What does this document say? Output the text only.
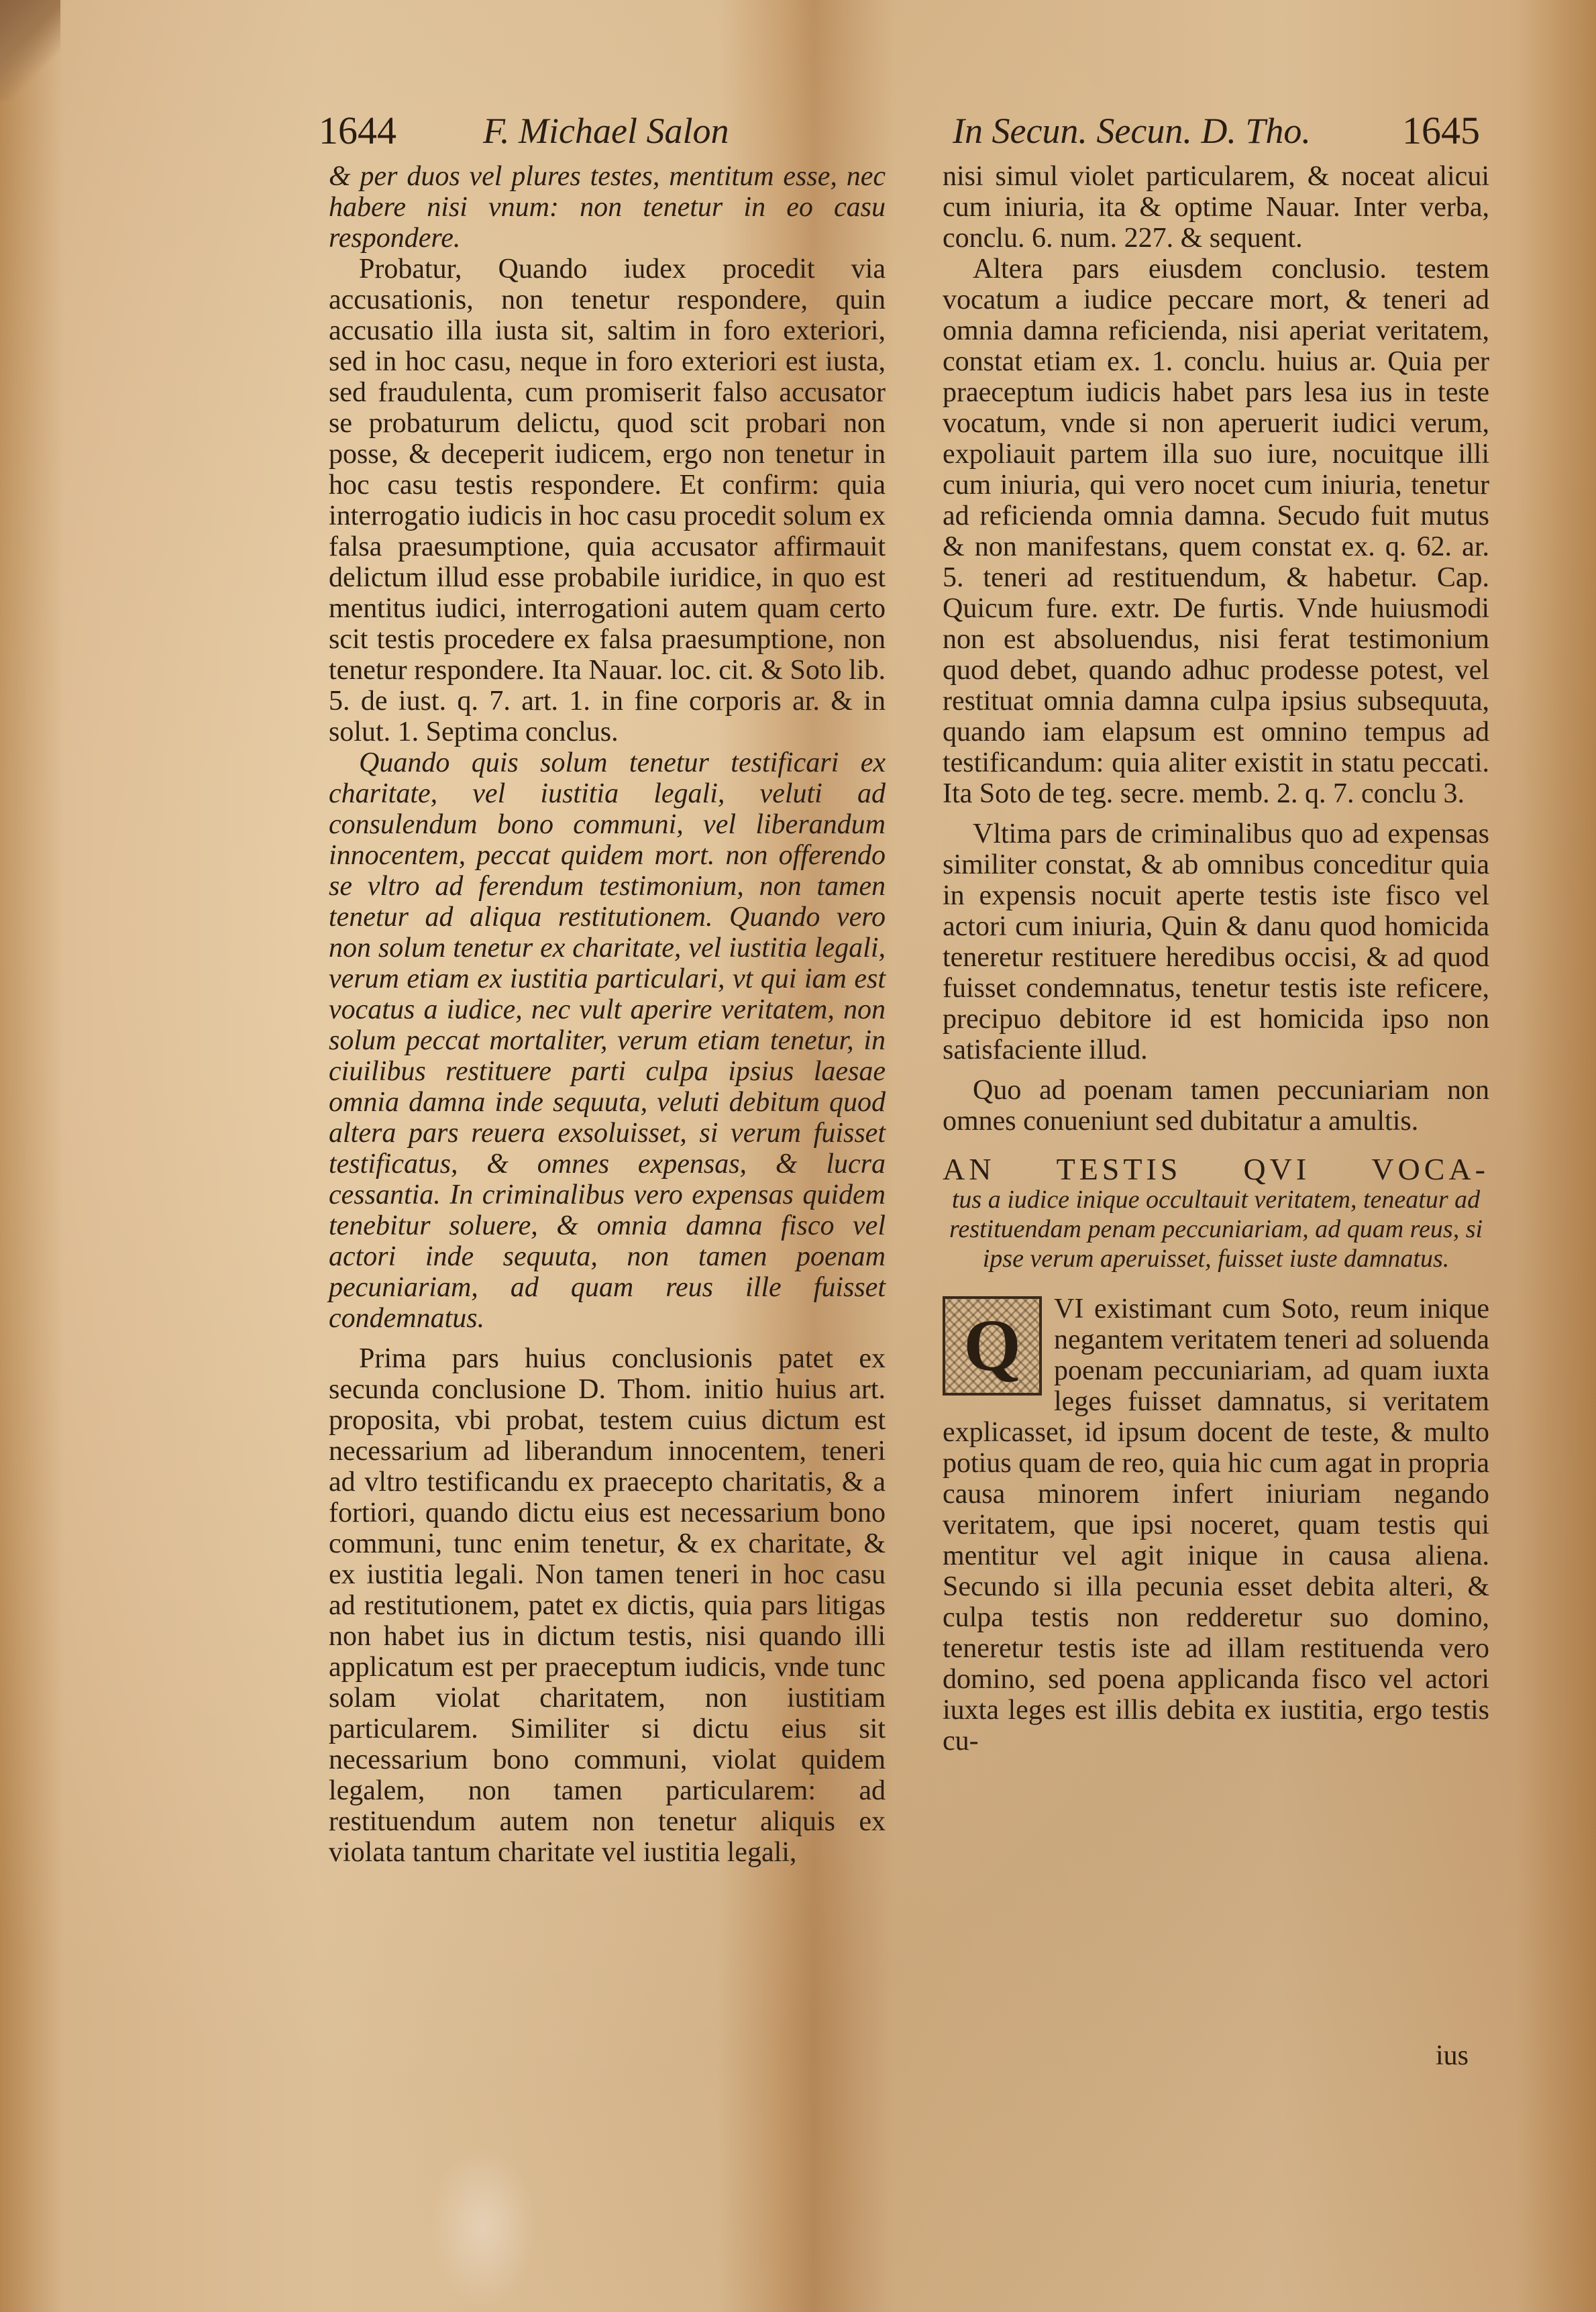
1644 F. Michael Salon	In Secun. Secun. D. Tho. 1645

& per duos vel plures testes, mentitum esse, nec habere nisi vnum: non tenetur in eo casu respondere.

Probatur, Quando iudex procedit via accusationis, non tenetur respondere, quin accusatio illa iusta sit, saltim in foro exteriori, sed in hoc casu, neque in foro exteriori est iusta, sed fraudulenta, cum promiserit falso accusator se probaturum delictu, quod scit probari non posse, & deceperit iudicem, ergo non tenetur in hoc casu testis respondere. Et confirm: quia interrogatio iudicis in hoc casu procedit solum ex falsa praesumptione, quia accusator affirmauit delictum illud esse probabile iuridice, in quo est mentitus iudici, interrogationi autem quam certo scit testis procedere ex falsa praesumptione, non tenetur respondere. Ita Nauar. loc. cit. & Soto lib. 5. de iust. q. 7. art. 1. in fine corporis ar. & in solut. 1. Septima conclus.

Quando quis solum tenetur testificari ex charitate, vel iustitia legali, veluti ad consulendum bono communi, vel liberandum innocentem, peccat quidem mort. non offerendo se vltro ad ferendum testimonium, non tamen tenetur ad aliqua restitutionem. Quando vero non solum tenetur ex charitate, vel iustitia legali, verum etiam ex iustitia particulari, vt qui iam est vocatus a iudice, nec vult aperire veritatem, non solum peccat mortaliter, verum etiam tenetur, in ciuilibus restituere parti culpa ipsius laesae omnia damna inde sequuta, veluti debitum quod altera pars reuera exsoluisset, si verum fuisset testificatus, & omnes expensas, & lucra cessantia. In criminalibus vero expensas quidem tenebitur soluere, & omnia damna fisco vel actori inde sequuta, non tamen poenam pecuniariam, ad quam reus ille fuisset condemnatus.

Prima pars huius conclusionis patet ex secunda conclusione D. Thom. initio huius art. proposita, vbi probat, testem cuius dictum est necessarium ad liberandum innocentem, teneri ad vltro testificandu ex praecepto charitatis, & a fortiori, quando dictu eius est necessarium bono communi, tunc enim tenetur, & ex charitate, & ex iustitia legali. Non tamen teneri in hoc casu ad restitutionem, patet ex dictis, quia pars litigas non habet ius in dictum testis, nisi quando illi applicatum est per praeceptum iudicis, vnde tunc solam violat charitatem, non iustitiam particularem. Similiter si dictu eius sit necessarium bono communi, violat quidem legalem, non tamen particularem: ad restituendum autem non tenetur aliquis ex violata tantum charitate vel iustitia legali,

nisi simul violet particularem, & noceat alicui cum iniuria, ita & optime Nauar. Inter verba, conclu. 6. num. 227. & sequent.

Altera pars eiusdem conclusio. testem vocatum a iudice peccare mort, & teneri ad omnia damna reficienda, nisi aperiat veritatem, constat etiam ex. 1. conclu. huius ar. Quia per praeceptum iudicis habet pars lesa ius in teste vocatum, vnde si non aperuerit iudici verum, expoliauit partem illa suo iure, nocuitque illi cum iniuria, qui vero nocet cum iniuria, tenetur ad reficienda omnia damna. Secudo fuit mutus & non manifestans, quem constat ex. q. 62. ar. 5. teneri ad restituendum, & habetur. Cap. Quicum fure. extr. De furtis. Vnde huiusmodi non est absoluendus, nisi ferat testimonium quod debet, quando adhuc prodesse potest, vel restituat omnia damna culpa ipsius subsequuta, quando iam elapsum est omnino tempus ad testificandum: quia aliter existit in statu peccati. Ita Soto de teg. secre. memb. 2. q. 7. conclu 3.

Vltima pars de criminalibus quo ad expensas similiter constat, & ab omnibus conceditur quia in expensis nocuit aperte testis iste fisco vel actori cum iniuria, Quin & danu quod homicida teneretur restituere heredibus occisi, & ad quod fuisset condemnatus, tenetur testis iste reficere, precipuo debitore id est homicida ipso non satisfaciente illud.

Quo ad poenam tamen peccuniariam non omnes conueniunt sed dubitatur a amultis.

AN TESTIS QVI VOCA-
tus a iudice inique occultauit veritatem, teneatur ad restituendam penam peccuniariam, ad quam reus, si ipse verum aperuisset, fuisset iuste damnatus.
Q	VI existimant cum Soto, reum inique negantem veritatem teneri ad soluenda poenam peccuniariam, ad quam iuxta leges fuisset damnatus, si veritatem explicasset, id ipsum docent de teste, & multo potius quam de reo, quia hic cum agat in propria causa minorem infert iniuriam negando veritatem, que ipsi noceret, quam testis qui mentitur vel agit inique in causa aliena. Secundo si illa pecunia esset debita alteri, & culpa testis non redderetur suo domino, teneretur testis iste ad illam restituenda vero domino, sed poena applicanda fisco vel actori iuxta leges est illis debita ex iustitia, ergo testis cu-

ius
